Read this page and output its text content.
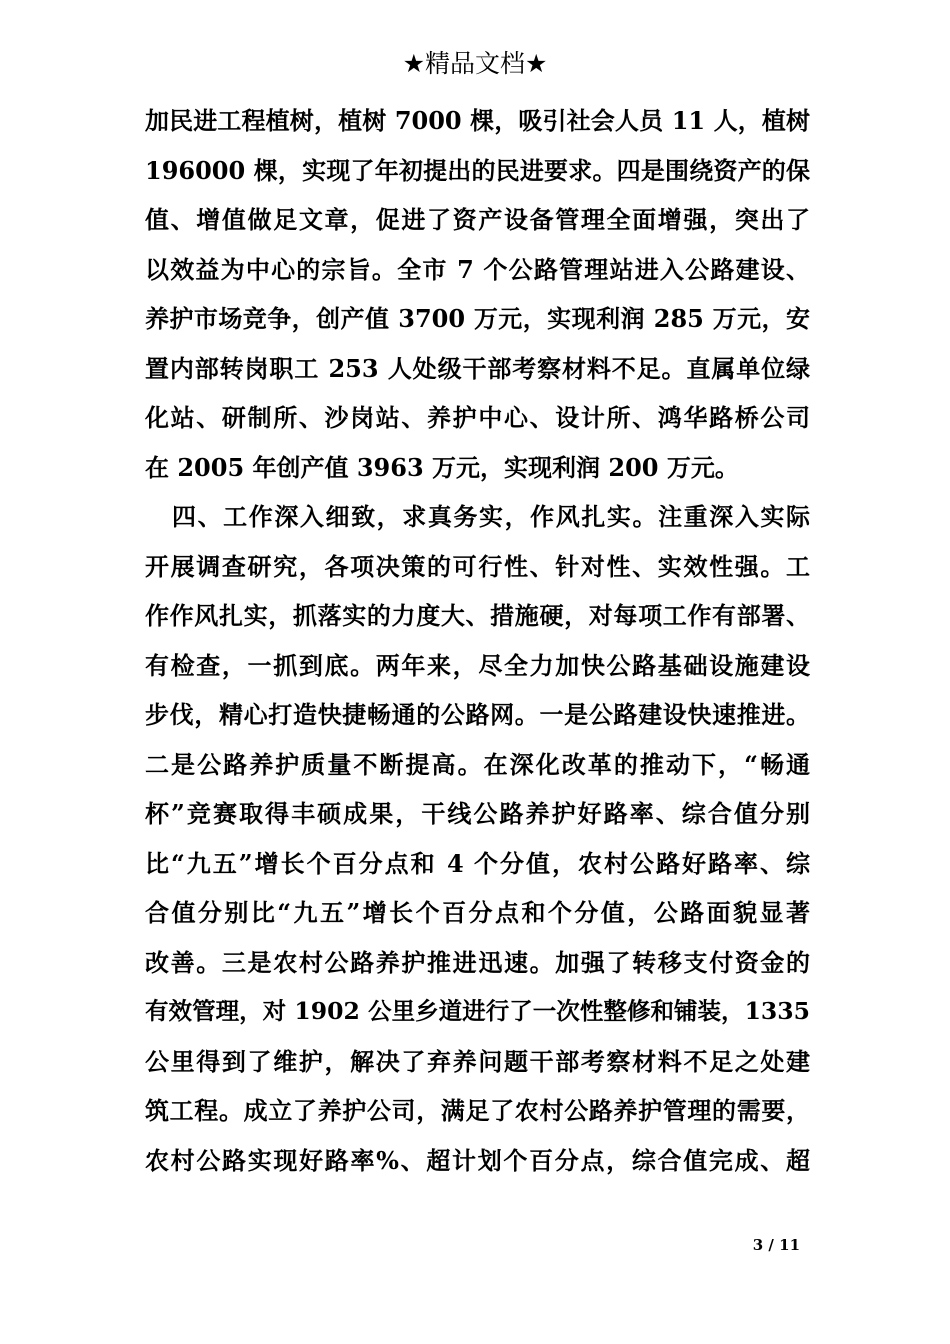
★精品文档★
加民进工程植树，植树 7000 棵，吸引社会人员 11 人，植树
196000 棵，实现了年初提出的民进要求。四是围绕资产的保
值、增值做足文章，促进了资产设备管理全面增强，突出了
以效益为中心的宗旨。全市 7 个公路管理站进入公路建设、
养护市场竞争，创产值 3700 万元，实现利润 285 万元，安
置内部转岗职工 253 人处级干部考察材料不足。直属单位绿
化站、研制所、沙岗站、养护中心、设计所、鸿华路桥公司
在 2005 年创产值 3963 万元，实现利润 200 万元。
四、工作深入细致，求真务实，作风扎实。注重深入实际
开展调查研究，各项决策的可行性、针对性、实效性强。工
作作风扎实，抓落实的力度大、措施硬，对每项工作有部署、
有检查，一抓到底。两年来，尽全力加快公路基础设施建设
步伐，精心打造快捷畅通的公路网。一是公路建设快速推进。
二是公路养护质量不断提高。在深化改革的推动下，“畅通
杯”竞赛取得丰硕成果，干线公路养护好路率、综合值分别
比“九五”增长个百分点和 4 个分值，农村公路好路率、综
合值分别比“九五”增长个百分点和个分值，公路面貌显著
改善。三是农村公路养护推进迅速。加强了转移支付资金的
有效管理，对 1902 公里乡道进行了一次性整修和铺装，1335
公里得到了维护，解决了弃养问题干部考察材料不足之处建
筑工程。成立了养护公司，满足了农村公路养护管理的需要，
农村公路实现好路率%、超计划个百分点，综合值完成、超
3 / 11
